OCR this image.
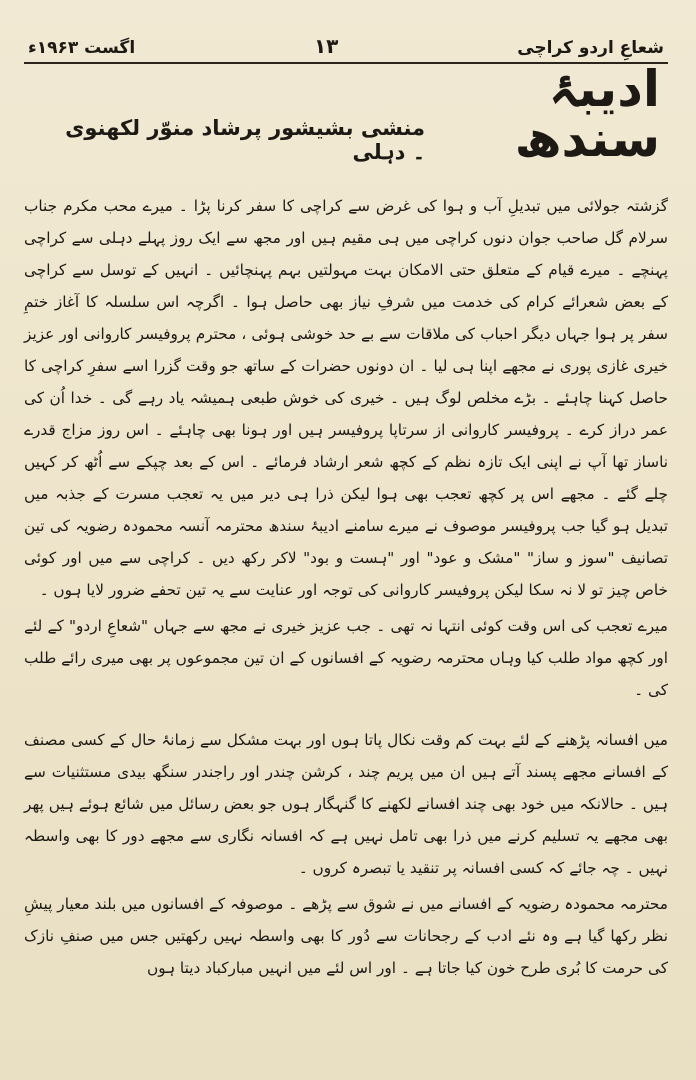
شعاعِ اردو کراچی
۱۳
اگست ۱۹۶۳ء
ادیبۂ سندھ
منشی بشیشور پرشاد منوّر لکھنوی ۔ دہلی

گزشتہ جولائی میں تبدیلِ آب و ہوا کی غرض سے کراچی کا سفر کرنا پڑا ۔ میرے محب مکرم جناب سرلام گل صاحب جوان دنوں کراچی میں ہی مقیم ہیں اور مجھ سے ایک روز پہلے دہلی سے کراچی پہنچے ۔ میرے قیام کے متعلق حتی الامکان بہت مہولتیں بہم پہنچائیں ۔ انہیں کے توسل سے کراچی کے بعض شعرائے کرام کی خدمت میں شرفِ نیاز بھی حاصل ہوا ۔ اگرچہ اس سلسلہ کا آغاز ختمِ سفر پر ہوا جہاں دیگر احباب کی ملاقات سے بے حد خوشی ہوئی ، محترم پروفیسر کاروانی اور عزیز خیری غازی پوری نے مجھے اپنا ہی لیا ۔ ان دونوں حضرات کے ساتھ جو وقت گزرا اسے سفرِ کراچی کا حاصل کہنا چاہئے ۔ بڑے مخلص لوگ ہیں ۔ خیری کی خوش طبعی ہمیشہ یاد رہے گی ۔ خدا اُن کی عمر دراز کرے ۔ پروفیسر کاروانی از سرتاپا پروفیسر ہیں اور ہونا بھی چاہئے ۔ اس روز مزاج قدرے ناساز تھا آپ نے اپنی ایک تازہ نظم کے کچھ شعر ارشاد فرمائے ۔ اس کے بعد چپکے سے اُٹھ کر کہیں چلے گئے ۔ مجھے اس پر کچھ تعجب بھی ہوا لیکن ذرا ہی دیر میں یہ تعجب مسرت کے جذبہ میں تبدیل ہو گیا جب پروفیسر موصوف نے میرے سامنے ادیبۂ سندھ محترمہ آنسہ محمودہ رضویہ کی تین تصانیف "سوز و ساز" "مشک و عود" اور "ہست و بود" لاکر رکھ دیں ۔ کراچی سے میں اور کوئی خاص چیز تو لا نہ سکا لیکن پروفیسر کاروانی کی توجہ اور عنایت سے یہ تین تحفے ضرور لایا ہوں ۔

میرے تعجب کی اس وقت کوئی انتہا نہ تھی ۔ جب عزیز خیری نے مجھ سے جہاں "شعاعِ اردو" کے لئے اور کچھ مواد طلب کیا وہاں محترمہ رضویہ کے افسانوں کے ان تین مجموعوں پر بھی میری رائے طلب کی ۔

میں افسانہ پڑھنے کے لئے بہت کم وقت نکال پاتا ہوں اور بہت مشکل سے زمانۂ حال کے کسی مصنف کے افسانے مجھے پسند آتے ہیں ان میں پریم چند ، کرشن چندر اور راجندر سنگھ بیدی مستثنیات سے ہیں ۔ حالانکہ میں خود بھی چند افسانے لکھنے کا گنہگار ہوں جو بعض رسائل میں شائع ہوئے ہیں پھر بھی مجھے یہ تسلیم کرنے میں ذرا بھی تامل نہیں ہے کہ افسانہ نگاری سے مجھے دور کا بھی واسطہ نہیں ۔ چہ جائے کہ کسی افسانہ پر تنقید یا تبصرہ کروں ۔

محترمہ محمودہ رضویہ کے افسانے میں نے شوق سے پڑھے ۔ موصوفہ کے افسانوں میں بلند معیار پیشِ نظر رکھا گیا ہے وہ نئے ادب کے رجحانات سے دُور کا بھی واسطہ نہیں رکھتیں جس میں صنفِ نازک کی حرمت کا بُری طرح خون کیا جاتا ہے ۔ اور اس لئے میں انہیں مبارکباد دیتا ہوں
